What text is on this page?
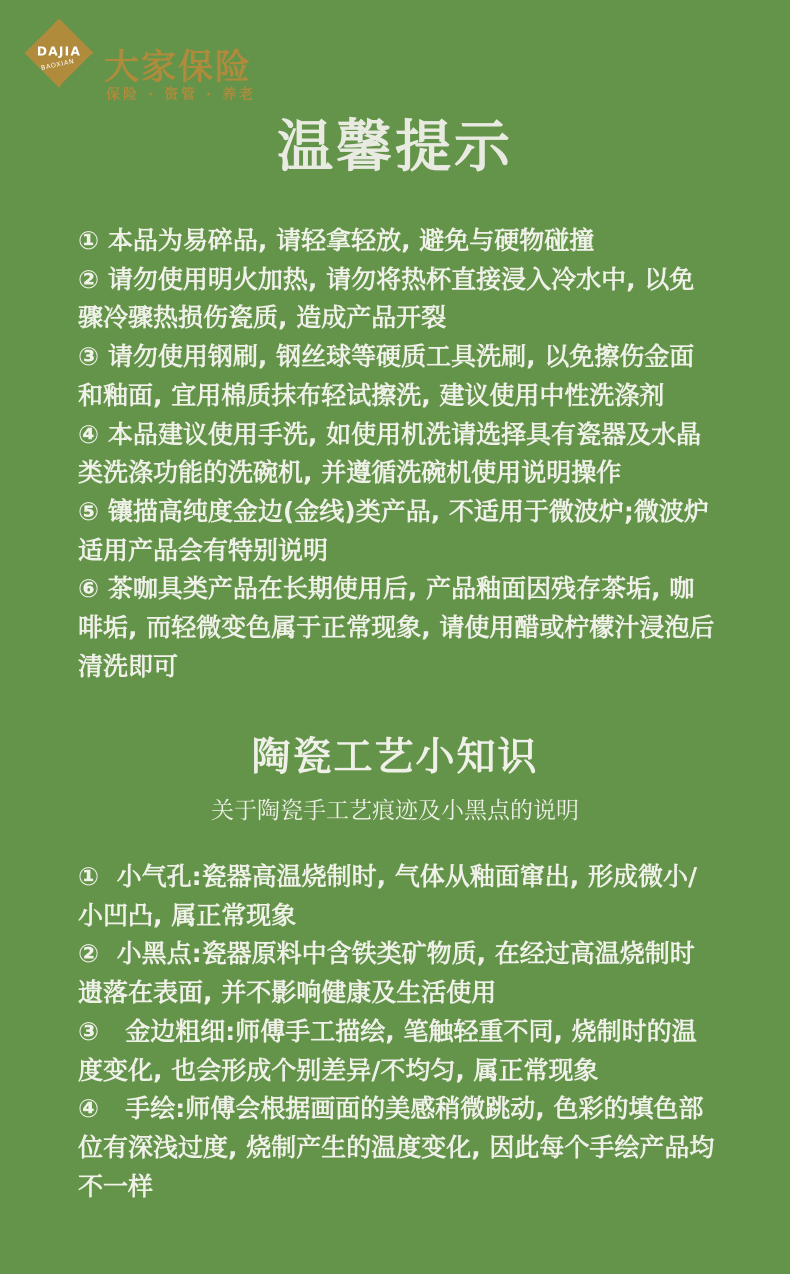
DAJIA
BAOXIAN 大家保险
保险 · 资管 · 养老
温馨提示

① 本品为易碎品, 请轻拿轻放, 避免与硬物碰撞

② 请勿使用明火加热, 请勿将热杯直接浸入冷水中, 以免骤冷骤热损伤瓷质, 造成产品开裂

③ 请勿使用钢刷, 钢丝球等硬质工具洗刷, 以免擦伤金面和釉面, 宜用棉质抹布轻试擦洗, 建议使用中性洗涤剂

④ 本品建议使用手洗, 如使用机洗请选择具有瓷器及水晶类洗涤功能的洗碗机, 并遵循洗碗机使用说明操作

⑤ 镶描高纯度金边(金线)类产品, 不适用于微波炉;微波炉适用产品会有特别说明

⑥ 茶咖具类产品在长期使用后, 产品釉面因残存茶垢, 咖啡垢, 而轻微变色属于正常现象, 请使用醋或柠檬汁浸泡后清洗即可

陶瓷工艺小知识
关于陶瓷手工艺痕迹及小黑点的说明

①  小气孔:瓷器高温烧制时, 气体从釉面窜出, 形成微小/小凹凸, 属正常现象

②  小黑点:瓷器原料中含铁类矿物质, 在经过高温烧制时遗落在表面, 并不影响健康及生活使用

③   金边粗细:师傅手工描绘, 笔触轻重不同, 烧制时的温度变化, 也会形成个别差异/不均匀, 属正常现象

④   手绘:师傅会根据画面的美感稍微跳动, 色彩的填色部位有深浅过度, 烧制产生的温度变化, 因此每个手绘产品均不一样
